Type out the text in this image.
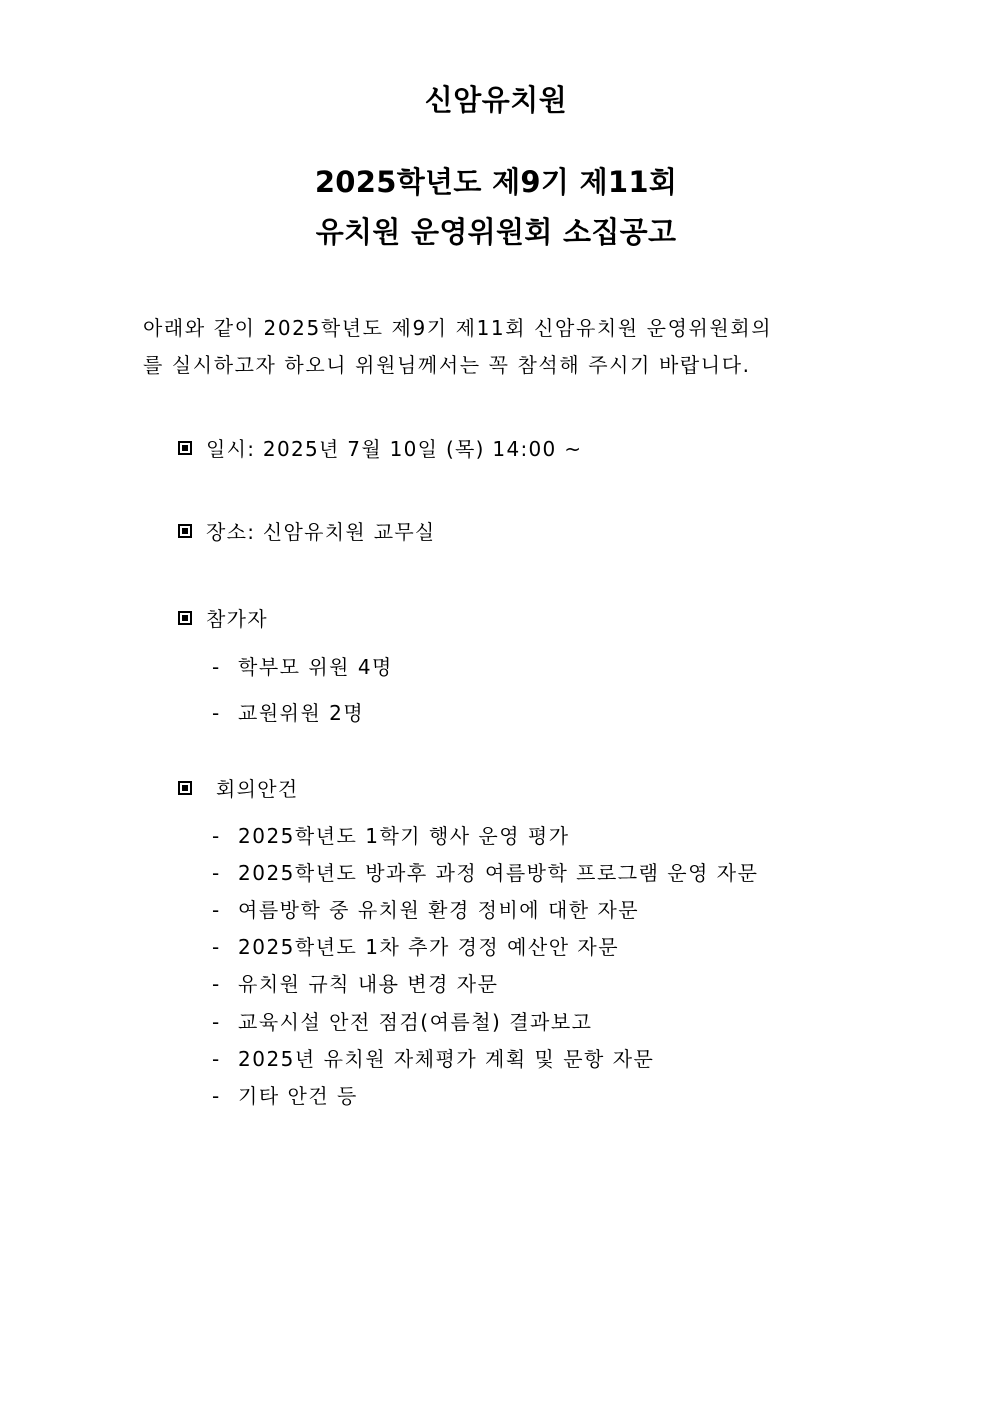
신암유치원
2025학년도 제9기 제11회
유치원 운영위원회 소집공고
아래와 같이 2025학년도 제9기 제11회 신암유치원 운영위원회의
를 실시하고자 하오니 위원님께서는 꼭 참석해 주시기 바랍니다.
일시: 2025년 7월 10일 (목) 14:00 ~
장소: 신암유치원 교무실
참가자
- 학부모 위원 4명
- 교원위원 2명
회의안건
- 2025학년도 1학기 행사 운영 평가
- 2025학년도 방과후 과정 여름방학 프로그램 운영 자문
- 여름방학 중 유치원 환경 정비에 대한 자문
- 2025학년도 1차 추가 경정 예산안 자문
- 유치원 규칙 내용 변경 자문
- 교육시설 안전 점검(여름철) 결과보고
- 2025년 유치원 자체평가 계획 및 문항 자문
- 기타 안건 등
